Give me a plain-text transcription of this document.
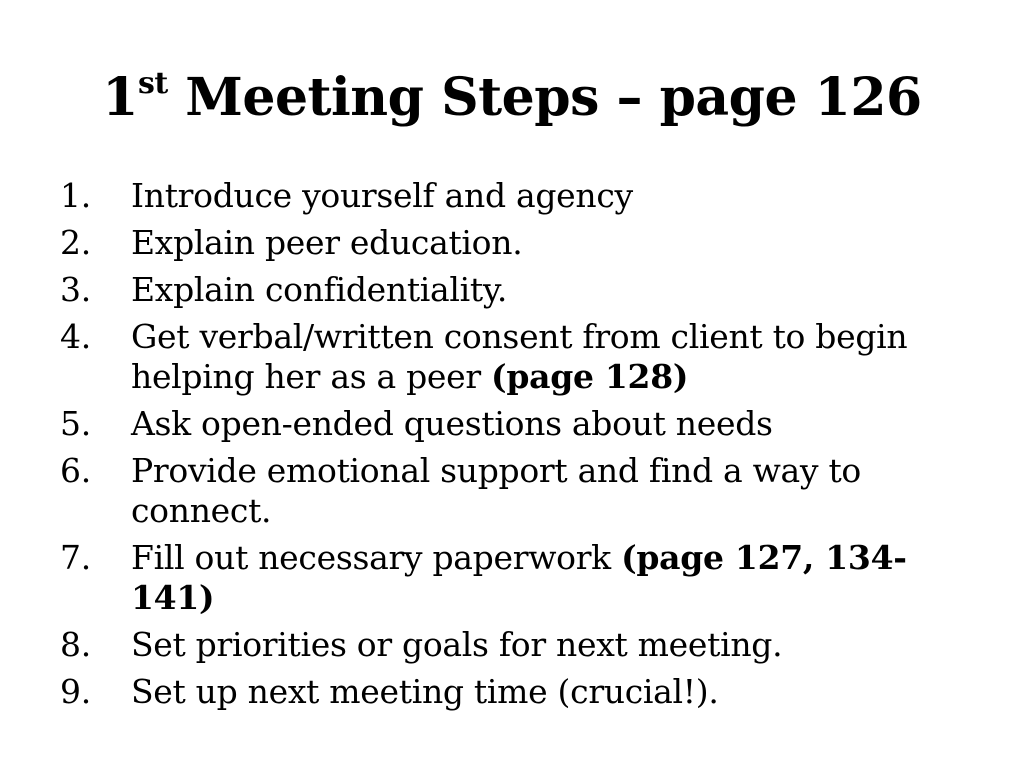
1st Meeting Steps – page 126
1.	Introduce yourself and agency
2.	Explain peer education.
3.	Explain confidentiality.
4.	Get verbal/written consent from client to begin helping her as a peer (page 128)
5.	Ask open-ended questions about needs
6.	Provide emotional support and find a way to connect.
7.	Fill out necessary paperwork (page 127, 134-141)
8.	Set priorities or goals for next meeting.
9.	Set up next meeting time (crucial!).
